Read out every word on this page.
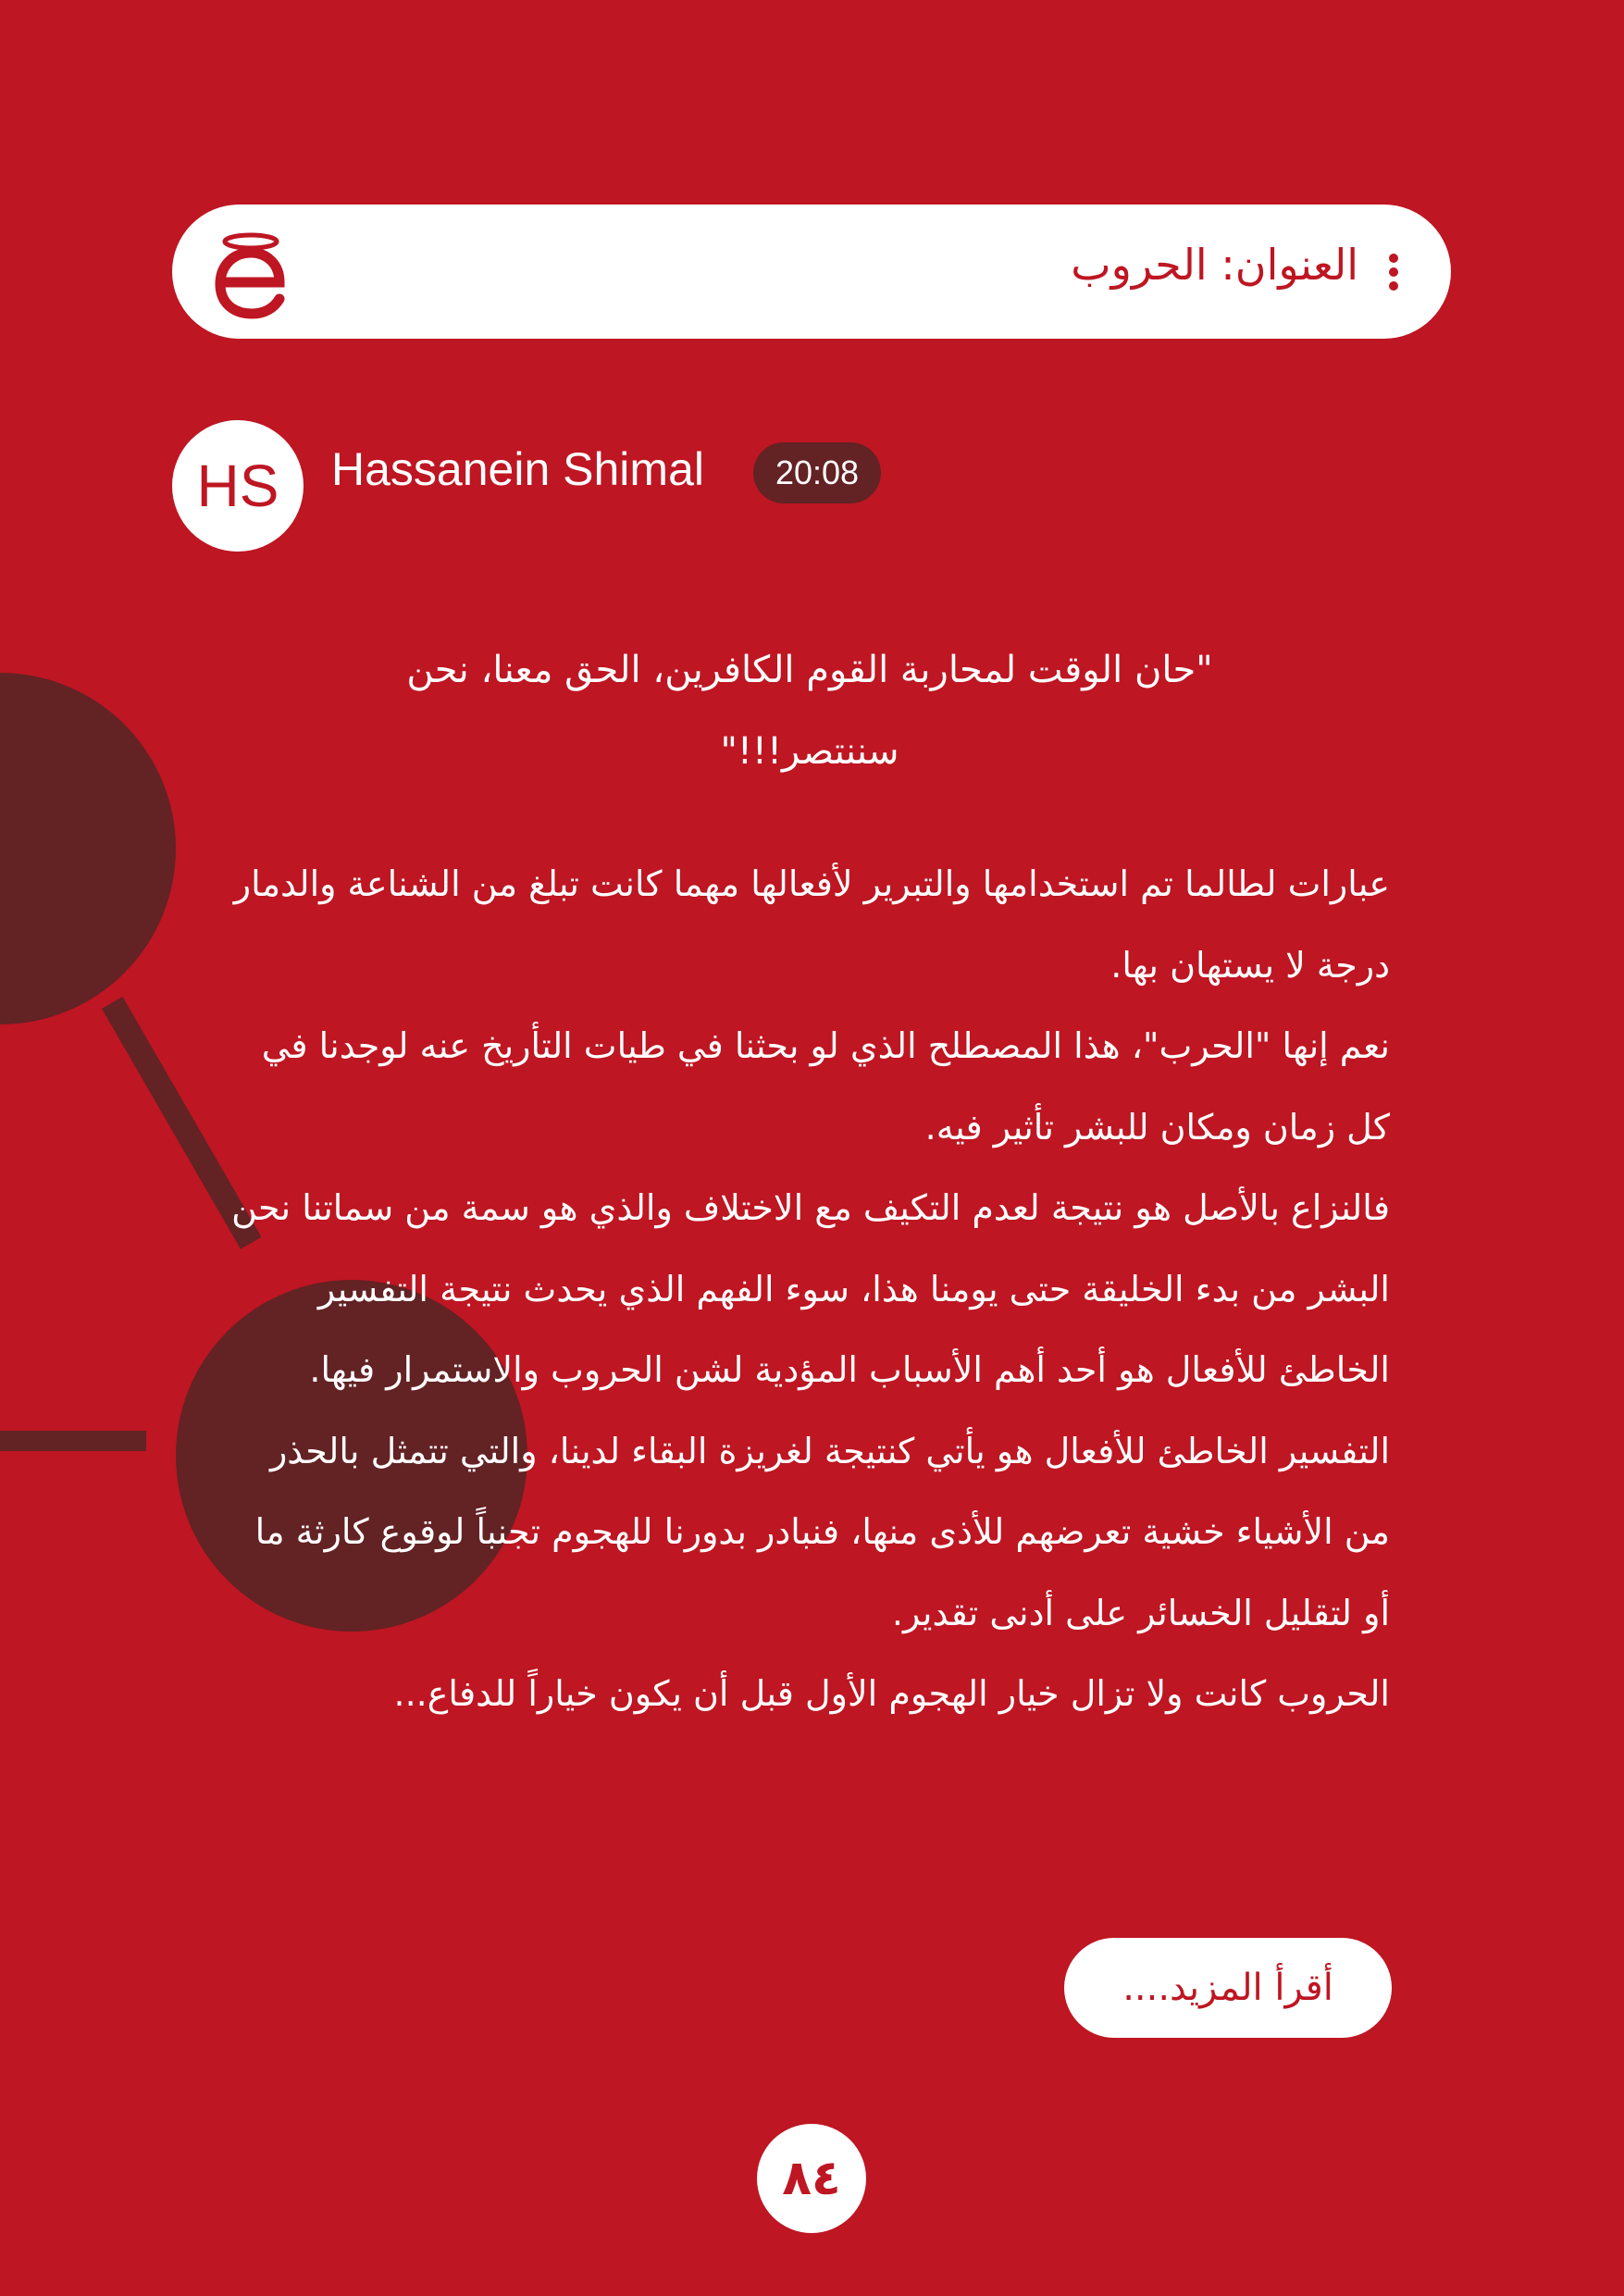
العنوان: الحروب
HS	Hassanein Shimal	20:08
"حان الوقت لمحاربة القوم الكافرين، الحق معنا، نحن سننتصر!!!"

عبارات لطالما تم استخدامها والتبرير لأفعالها مهما كانت تبلغ من الشناعة والدمار درجة لا يستهان بها.

نعم إنها "الحرب"، هذا المصطلح الذي لو بحثنا في طيات التأريخ عنه لوجدنا في كل زمان ومكان للبشر تأثير فيه.

فالنزاع بالأصل هو نتيجة لعدم التكيف مع الاختلاف والذي هو سمة من سماتنا نحن البشر من بدء الخليقة حتى يومنا هذا، سوء الفهم الذي يحدث نتيجة التفسير الخاطئ للأفعال هو أحد أهم الأسباب المؤدية لشن الحروب والاستمرار فيها.

التفسير الخاطئ للأفعال هو يأتي كنتيجة لغريزة البقاء لدينا، والتي تتمثل بالحذر من الأشياء خشية تعرضهم للأذى منها، فنبادر بدورنا للهجوم تجنباً لوقوع كارثة ما أو لتقليل الخسائر على أدنى تقدير.

الحروب كانت ولا تزال خيار الهجوم الأول قبل أن يكون خياراً للدفاع...

أقرأ المزيد....
٨٤
